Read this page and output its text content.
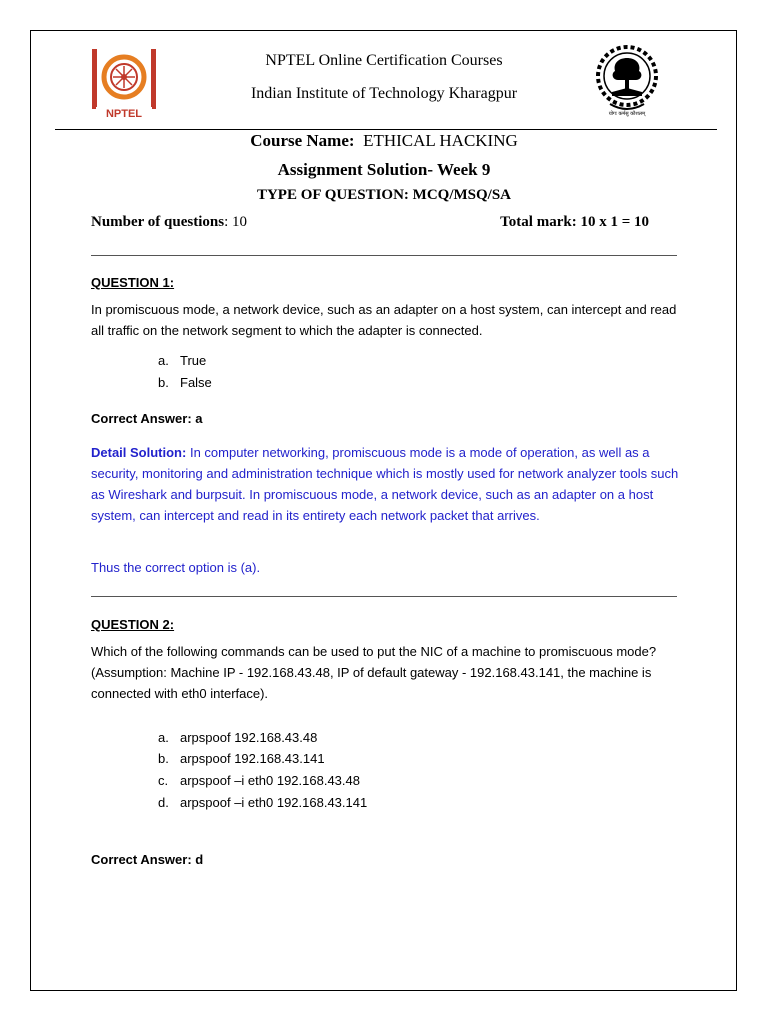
NPTEL
NPTEL Online Certification Courses
Indian Institute of Technology Kharagpur
योगः कर्मसु कौशलम्
Course Name: ETHICAL HACKING
Assignment Solution- Week 9
TYPE OF QUESTION: MCQ/MSQ/SA
Number of questions: 10	Total mark: 10 x 1 = 10
QUESTION 1:
In promiscuous mode, a network device, such as an adapter on a host system, can intercept and read all traffic on the network segment to which the adapter is connected.
a. True
b. False
Correct Answer: a
Detail Solution: In computer networking, promiscuous mode is a mode of operation, as well as a security, monitoring and administration technique which is mostly used for network analyzer tools such as Wireshark and burpsuit. In promiscuous mode, a network device, such as an adapter on a host system, can intercept and read in its entirety each network packet that arrives.
Thus the correct option is (a).
QUESTION 2:
Which of the following commands can be used to put the NIC of a machine to promiscuous mode? (Assumption: Machine IP - 192.168.43.48, IP of default gateway - 192.168.43.141, the machine is connected with eth0 interface).
a. arpspoof 192.168.43.48
b. arpspoof 192.168.43.141
c. arpspoof –i eth0 192.168.43.48
d. arpspoof –i eth0 192.168.43.141
Correct Answer: d
